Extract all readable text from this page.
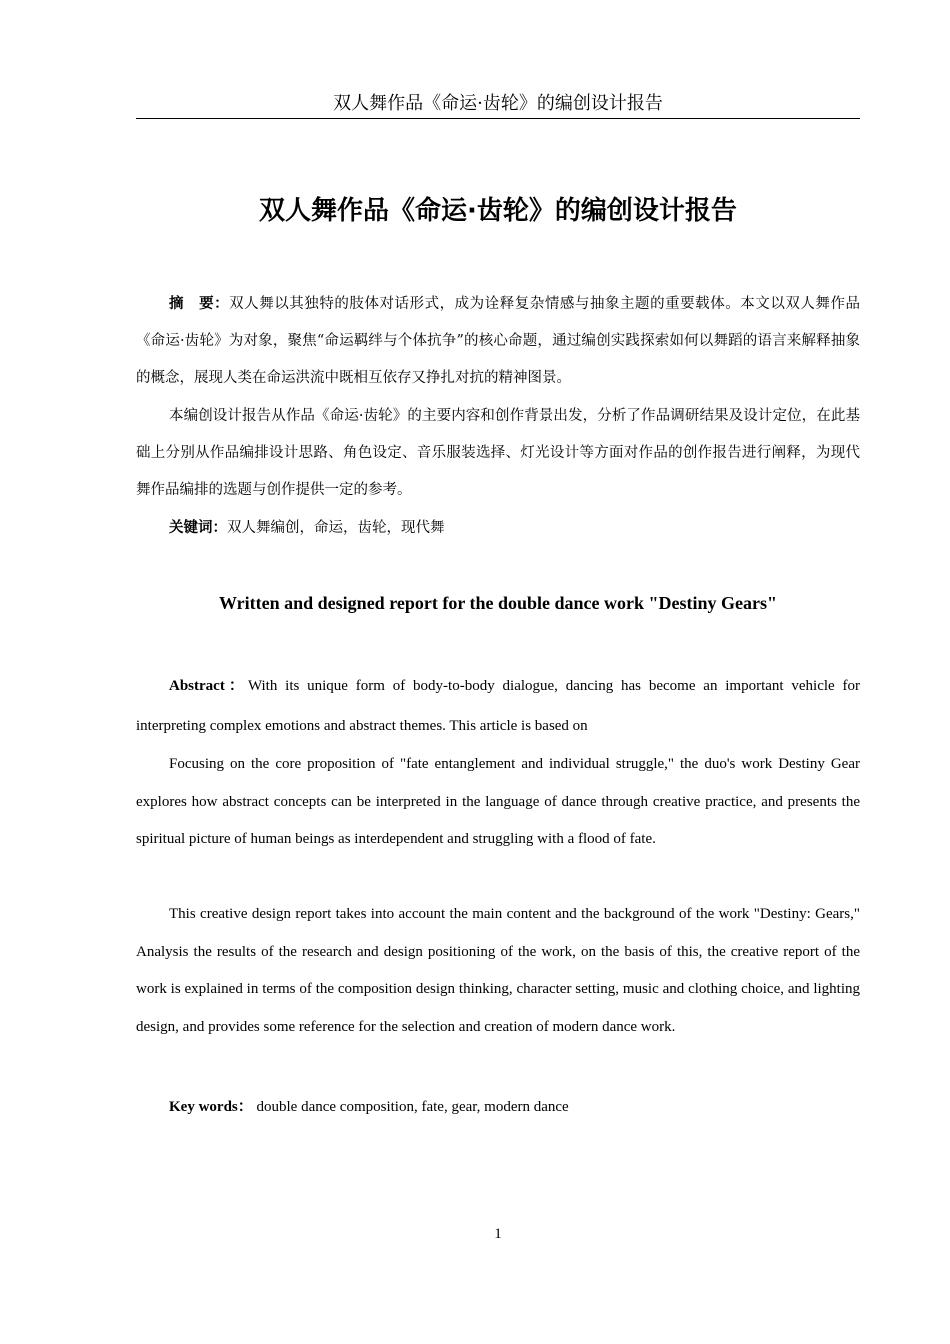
双人舞作品《命运·齿轮》的编创设计报告
双人舞作品《命运·齿轮》的编创设计报告
摘　要：双人舞以其独特的肢体对话形式，成为诠释复杂情感与抽象主题的重要载体。本文以双人舞作品《命运·齿轮》为对象，聚焦“命运羁绊与个体抗争”的核心命题，通过编创实践探索如何以舞蹈的语言来解释抽象的概念，展现人类在命运洪流中既相互依存又挣扎对抗的精神图景。
本编创设计报告从作品《命运·齿轮》的主要内容和创作背景出发，分析了作品调研结果及设计定位，在此基础上分别从作品编排设计思路、角色设定、音乐服装选择、灯光设计等方面对作品的创作报告进行阐释，为现代舞作品编排的选题与创作提供一定的参考。
关键词：双人舞编创，命运，齿轮，现代舞
Written and designed report for the double dance work "Destiny Gears"
Abstract：With its unique form of body-to-body dialogue, dancing has become an important vehicle for interpreting complex emotions and abstract themes. This article is based on
Focusing on the core proposition of "fate entanglement and individual struggle," the duo's work Destiny Gear explores how abstract concepts can be interpreted in the language of dance through creative practice, and presents the spiritual picture of human beings as interdependent and struggling with a flood of fate.
This creative design report takes into account the main content and the background of the work "Destiny: Gears," Analysis the results of the research and design positioning of the work, on the basis of this, the creative report of the work is explained in terms of the composition design thinking, character setting, music and clothing choice, and lighting design, and provides some reference for the selection and creation of modern dance work.
Key words： double dance composition, fate, gear, modern dance
1
